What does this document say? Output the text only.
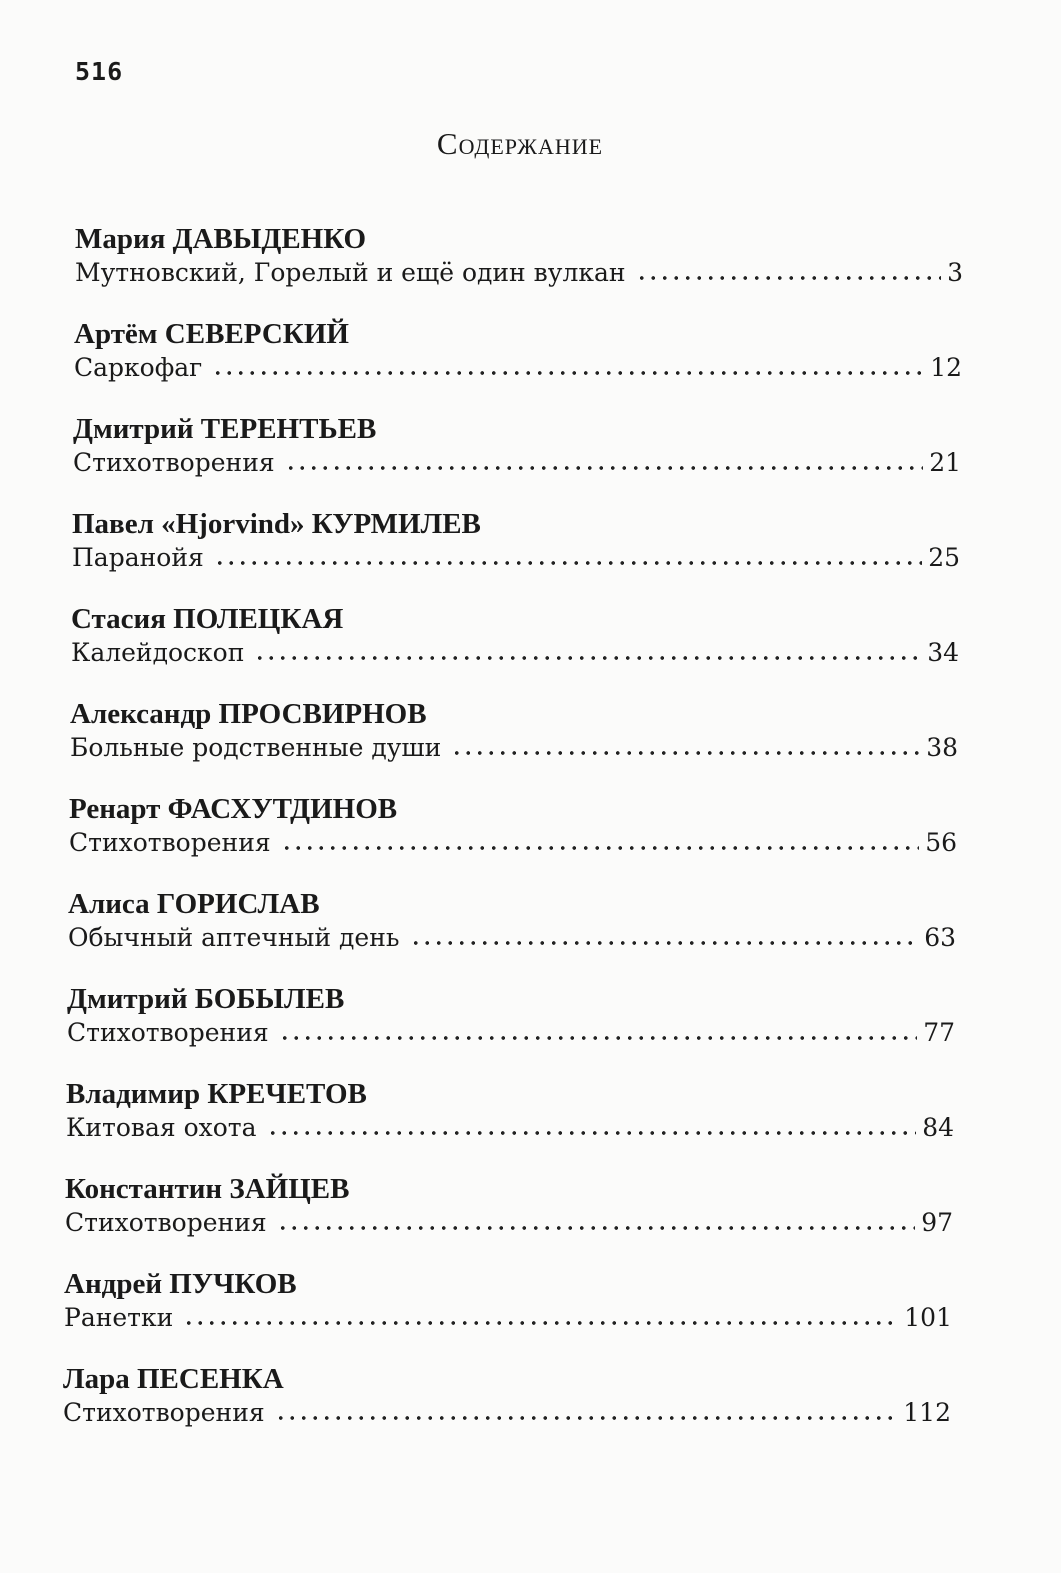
516
Содержание
Мария ДАВЫДЕНКО
Мутновский, Горелый и ещё один вулкан	3
Артём СЕВЕРСКИЙ
Саркофаг	12
Дмитрий ТЕРЕНТЬЕВ
Стихотворения	21
Павел «Hjorvind» КУРМИЛЕВ
Паранойя	25
Стасия ПОЛЕЦКАЯ
Калейдоскоп	34
Александр ПРОСВИРНОВ
Больные родственные души	38
Ренарт ФАСХУТДИНОВ
Стихотворения	56
Алиса ГОРИСЛАВ
Обычный аптечный день	63
Дмитрий БОБЫЛЕВ
Стихотворения	77
Владимир КРЕЧЕТОВ
Китовая охота	84
Константин ЗАЙЦЕВ
Стихотворения	97
Андрей ПУЧКОВ
Ранетки	101
Лара ПЕСЕНКА
Стихотворения	112
